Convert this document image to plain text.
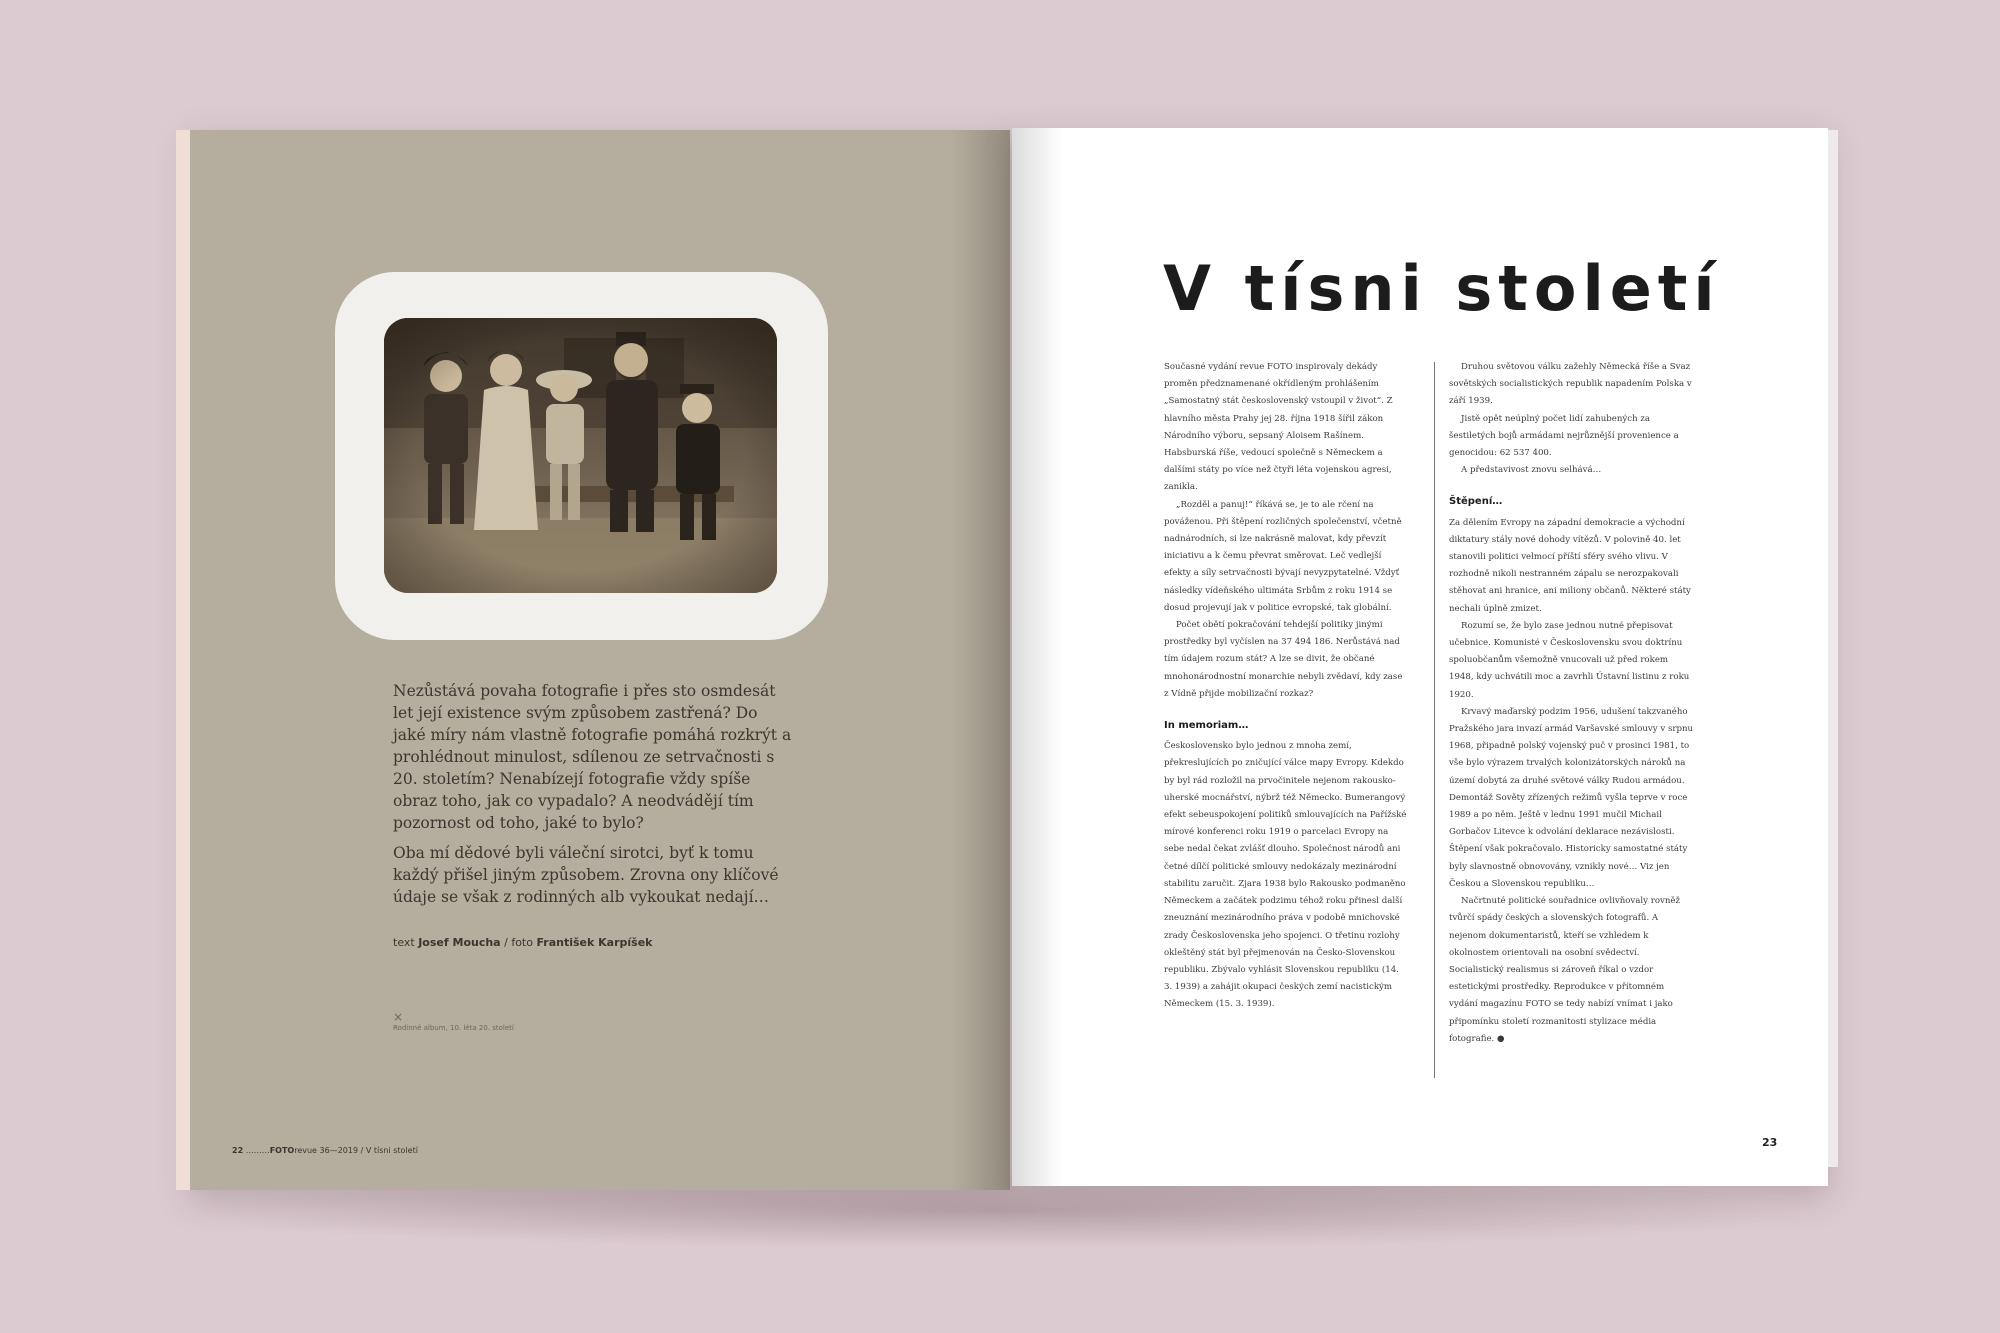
Nezůstává povaha fotografie i přes sto osmdesát let její existence svým způsobem zastřená? Do jaké míry nám vlastně fotografie pomáhá rozkrýt a prohlédnout minulost, sdílenou ze setrvačnosti s 20. stoletím? Nenabízejí fotografie vždy spíše obraz toho, jak co vypadalo? A neodvádějí tím pozornost od toho, jaké to bylo?

Oba mí dědové byli váleční sirotci, byť k tomu každý přišel jiným způsobem. Zrovna ony klíčové údaje se však z rodinných alb vykoukat nedají…

text Josef Moucha / foto František Karpíšek
×
Rodinné album, 10. léta 20. století
22 ………FOTOrevue 36—2019 / V tísni století
V tísni století

Současné vydání revue FOTO inspirovaly dekády proměn předznamenané okřídleným prohlášením „Samostatný stát československý vstoupil v život“. Z hlavního města Prahy jej 28. října 1918 šířil zákon Národního výboru, sepsaný Aloisem Rašínem. Habsburská říše, vedoucí společně s Německem a dalšími státy po více než čtyři léta vojenskou agresi, zanikla.

„Rozděl a panuj!“ říkává se, je to ale rčení na pováženou. Při štěpení rozličných společenství, včetně nadnárodních, si lze nakrásně malovat, kdy převzít iniciativu a k čemu převrat směrovat. Leč vedlejší efekty a síly setrvačnosti bývají nevyzpytatelné. Vždyť následky vídeňského ultimáta Srbům z roku 1914 se dosud projevují jak v politice evropské, tak globální.

Počet obětí pokračování tehdejší politiky jinými prostředky byl vyčíslen na 37 494 186. Nerůstává nad tím údajem rozum stát? A lze se divit, že občané mnohonárodnostní monarchie nebyli zvědaví, kdy zase z Vídně přijde mobilizační rozkaz?

In memoriam…

Československo bylo jednou z mnoha zemí, překreslujících po zničující válce mapy Evropy. Kdekdo by byl rád rozložil na prvočinitele nejenom rakousko-uherské mocnářství, nýbrž též Německo. Bumerangový efekt sebeuspokojení politiků smlouvajících na Pařížské mírové konferenci roku 1919 o parcelaci Evropy na sebe nedal čekat zvlášť dlouho. Společnost národů ani četné dílčí politické smlouvy nedokázaly mezinárodní stabilitu zaručit. Zjara 1938 bylo Rakousko podmaněno Německem a začátek podzimu téhož roku přinesl další zneuznání mezinárodního práva v podobě mnichovské zrady Československa jeho spojenci. O třetinu rozlohy okleštěný stát byl přejmenován na Česko-Slovenskou republiku. Zbývalo vyhlásit Slovenskou republiku (14. 3. 1939) a zahájit okupaci českých zemí nacistickým Německem (15. 3. 1939).

Druhou světovou válku zažehly Německá říše a Svaz sovětských socialistických republik napadením Polska v září 1939.

Jistě opět neúplný počet lidí zahubených za šestiletých bojů armádami nejrůznější provenience a genocidou: 62 537 400.

A představivost znovu selhává…

Štěpení…

Za dělením Evropy na západní demokracie a východní diktatury stály nové dohody vítězů. V polovině 40. let stanovili politici velmocí příští sféry svého vlivu. V rozhodně nikoli nestranném zápalu se nerozpakovali stěhovat ani hranice, ani miliony občanů. Některé státy nechali úplně zmizet.

Rozumí se, že bylo zase jednou nutné přepisovat učebnice. Komunisté v Československu svou doktrínu spoluobčanům všemožně vnucovali už před rokem 1948, kdy uchvátili moc a zavrhli Ústavní listinu z roku 1920.

Krvavý maďarský podzim 1956, udušení takzvaného Pražského jara invazí armád Varšavské smlouvy v srpnu 1968, připadně polský vojenský puč v prosinci 1981, to vše bylo výrazem trvalých kolonizátorských nároků na území dobytá za druhé světové války Rudou armádou. Demontáž Sověty zřízených režimů vyšla teprve v roce 1989 a po něm. Ještě v lednu 1991 mučil Michail Gorbačov Litevce k odvolání deklarace nezávislosti. Štěpení však pokračovalo. Historicky samostatné státy byly slavnostně obnovovány, vznikly nové… Viz jen Českou a Slovenskou republiku…

Načrtnuté politické souřadnice ovlivňovaly rovněž tvůrčí spády českých a slovenských fotografů. A nejenom dokumentaristů, kteří se vzhledem k okolnostem orientovali na osobní svědectví. Socialistický realismus si zároveň říkal o vzdor estetickými prostředky. Reprodukce v přítomném vydání magazínu FOTO se tedy nabízí vnímat i jako připomínku století rozmanitosti stylizace média fotografie. ●

23
